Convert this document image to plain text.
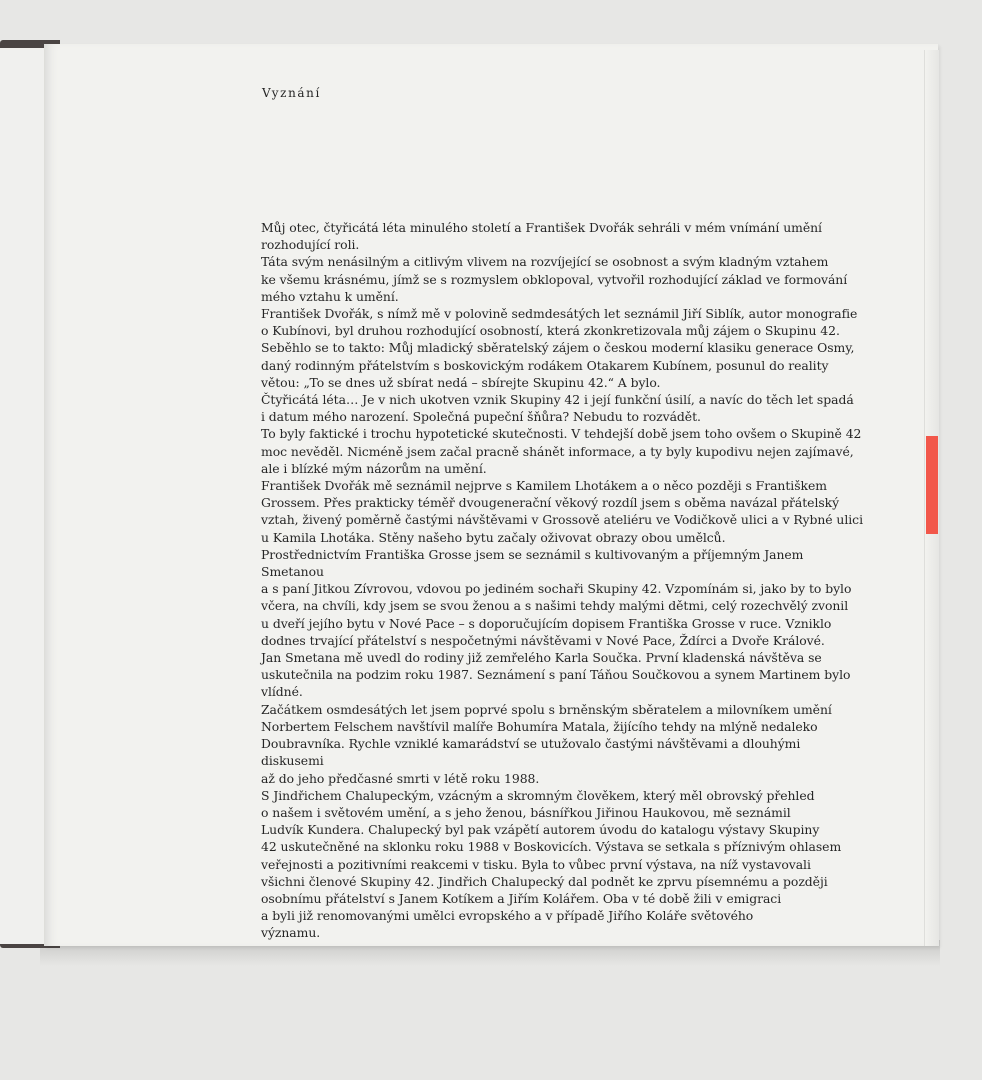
Vyznání

Můj otec, čtyřicátá léta minulého století a František Dvořák sehráli v mém vnímání umění
rozhodující roli.

Táta svým nenásilným a citlivým vlivem na rozvíjející se osobnost a svým kladným vztahem
ke všemu krásnému, jímž se s rozmyslem obklopoval, vytvořil rozhodující základ ve formování
mého vztahu k umění.

František Dvořák, s nímž mě v polovině sedmdesátých let seznámil Jiří Siblík, autor monografie
o Kubínovi, byl druhou rozhodující osobností, která zkonkretizovala můj zájem o Skupinu 42.
Seběhlo se to takto: Můj mladický sběratelský zájem o českou moderní klasiku generace Osmy,
daný rodinným přátelstvím s boskovickým rodákem Otakarem Kubínem, posunul do reality
větou: „To se dnes už sbírat nedá – sbírejte Skupinu 42.“ A bylo.

Čtyřicátá léta… Je v nich ukotven vznik Skupiny 42 i její funkční úsilí, a navíc do těch let spadá
i datum mého narození. Společná pupeční šňůra? Nebudu to rozvádět.

To byly faktické i trochu hypotetické skutečnosti. V tehdejší době jsem toho ovšem o Skupině 42
moc nevěděl. Nicméně jsem začal pracně shánět informace, a ty byly kupodivu nejen zajímavé,
ale i blízké mým názorům na umění.

František Dvořák mě seznámil nejprve s Kamilem Lhotákem a o něco později s Františkem
Grossem. Přes prakticky téměř dvougenerační věkový rozdíl jsem s oběma navázal přátelský
vztah, živený poměrně častými návštěvami v Grossově ateliéru ve Vodičkově ulici a v Rybné ulici
u Kamila Lhotáka. Stěny našeho bytu začaly oživovat obrazy obou umělců.

Prostřednictvím Františka Grosse jsem se seznámil s kultivovaným a příjemným Janem Smetanou
a s paní Jitkou Zívrovou, vdovou po jediném sochaři Skupiny 42. Vzpomínám si, jako by to bylo
včera, na chvíli, kdy jsem se svou ženou a s našimi tehdy malými dětmi, celý rozechvělý zvonil
u dveří jejího bytu v Nové Pace – s doporučujícím dopisem Františka Grosse v ruce. Vzniklo
dodnes trvající přátelství s nespočetnými návštěvami v Nové Pace, Ždírci a Dvoře Králové.

Jan Smetana mě uvedl do rodiny již zemřelého Karla Součka. První kladenská návštěva se
uskutečnila na podzim roku 1987. Seznámení s paní Táňou Součkovou a synem Martinem bylo
vlídné.

Začátkem osmdesátých let jsem poprvé spolu s brněnským sběratelem a milovníkem umění
Norbertem Felschem navštívil malíře Bohumíra Matala, žijícího tehdy na mlýně nedaleko
Doubravníka. Rychle vzniklé kamarádství se utužovalo častými návštěvami a dlouhými diskusemi
až do jeho předčasné smrti v létě roku 1988.

S Jindřichem Chalupeckým, vzácným a skromným člověkem, který měl obrovský přehled
o našem i světovém umění, a s jeho ženou, básnířkou Jiřinou Haukovou, mě seznámil
Ludvík Kundera. Chalupecký byl pak vzápětí autorem úvodu do katalogu výstavy Skupiny
42 uskutečněné na sklonku roku 1988 v Boskovicích. Výstava se setkala s příznivým ohlasem
veřejnosti a pozitivními reakcemi v tisku. Byla to vůbec první výstava, na níž vystavovali
všichni členové Skupiny 42. Jindřich Chalupecký dal podnět ke zprvu písemnému a později
osobnímu přátelství s Janem Kotíkem a Jiřím Kolářem. Oba v té době žili v emigraci
a byli již renomovanými umělci evropského a v případě Jiřího Koláře světového
významu.
